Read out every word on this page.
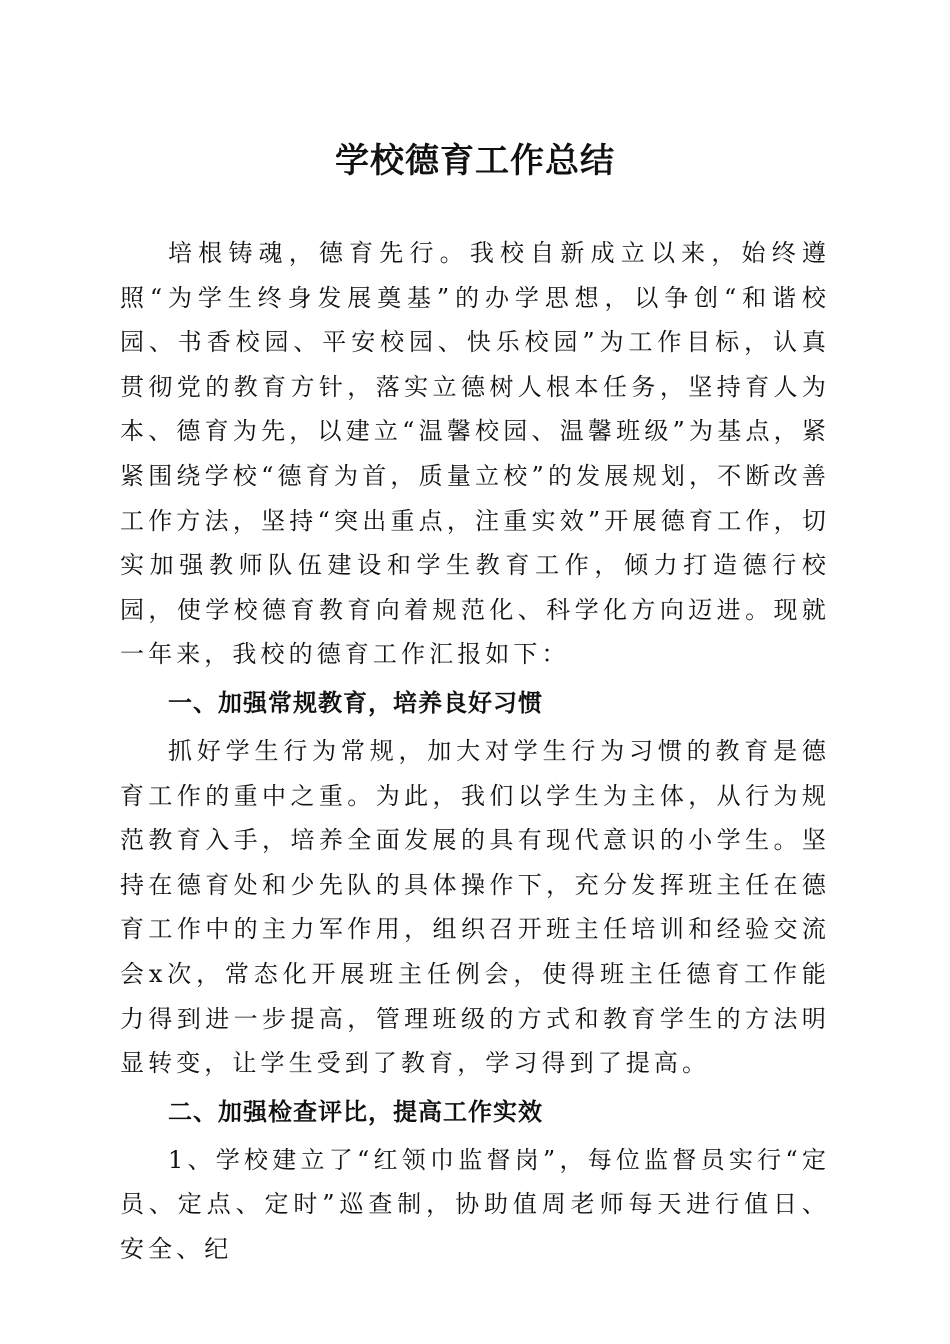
学校德育工作总结

培根铸魂，德育先行。我校自新成立以来，始终遵照“为学生终身发展奠基”的办学思想，以争创“和谐校园、书香校园、平安校园、快乐校园”为工作目标，认真贯彻党的教育方针，落实立德树人根本任务，坚持育人为本、德育为先，以建立“温馨校园、温馨班级”为基点，紧紧围绕学校“德育为首，质量立校”的发展规划，不断改善工作方法，坚持“突出重点，注重实效”开展德育工作，切实加强教师队伍建设和学生教育工作，倾力打造德行校园，使学校德育教育向着规范化、科学化方向迈进。现就一年来，我校的德育工作汇报如下：

一、加强常规教育，培养良好习惯

抓好学生行为常规，加大对学生行为习惯的教育是德育工作的重中之重。为此，我们以学生为主体，从行为规范教育入手，培养全面发展的具有现代意识的小学生。坚持在德育处和少先队的具体操作下，充分发挥班主任在德育工作中的主力军作用，组织召开班主任培训和经验交流会x次，常态化开展班主任例会，使得班主任德育工作能力得到进一步提高，管理班级的方式和教育学生的方法明显转变，让学生受到了教育，学习得到了提高。

二、加强检查评比，提高工作实效

1、学校建立了“红领巾监督岗”，每位监督员实行“定员、定点、定时”巡查制，协助值周老师每天进行值日、安全、纪
